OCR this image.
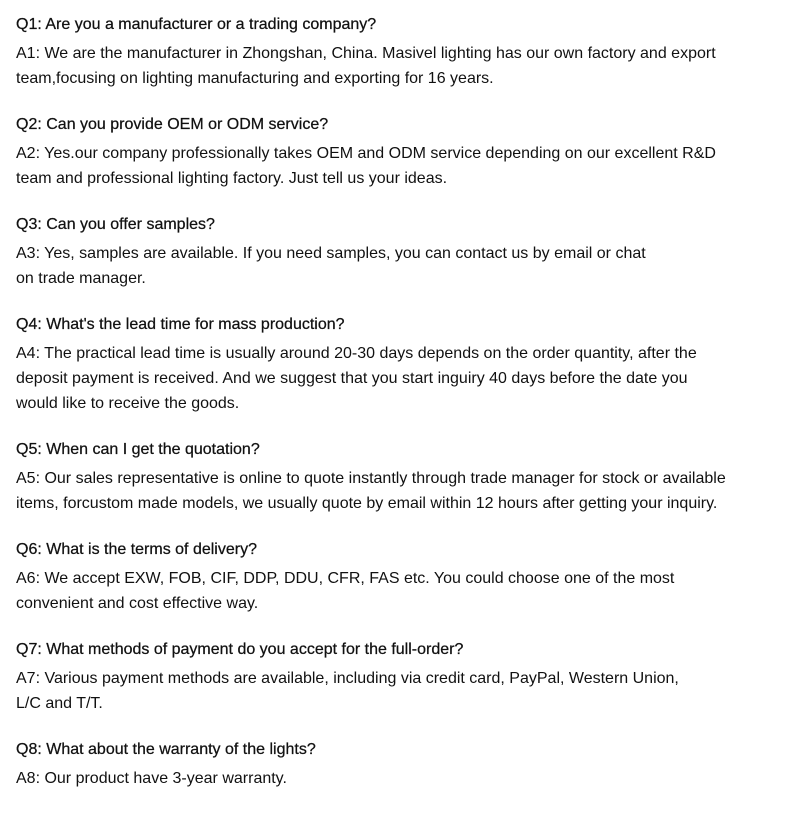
Q1: Are you a manufacturer or a trading company?

A1: We are the manufacturer in Zhongshan, China. Masivel lighting has our own factory and export
team,focusing on lighting manufacturing and exporting for 16 years.

Q2: Can you provide OEM or ODM service?

A2: Yes.our company professionally takes OEM and ODM service depending on our excellent R&D
team and professional lighting factory. Just tell us your ideas.

Q3: Can you offer samples?

A3: Yes, samples are available. If you need samples, you can contact us by email or chat
on trade manager.

Q4: What's the lead time for mass production?

A4: The practical lead time is usually around 20-30 days depends on the order quantity, after the
deposit payment is received. And we suggest that you start inguiry 40 days before the date you
would like to receive the goods.

Q5: When can I get the quotation?

A5: Our sales representative is online to quote instantly through trade manager for stock or available
items, forcustom made models, we usually quote by email within 12 hours after getting your inquiry.

Q6: What is the terms of delivery?

A6: We accept EXW, FOB, CIF, DDP, DDU, CFR, FAS etc. You could choose one of the most
convenient and cost effective way.

Q7: What methods of payment do you accept for the full-order?

A7: Various payment methods are available, including via credit card, PayPal, Western Union,
L/C and T/T.

Q8: What about the warranty of the lights?

A8: Our product have 3-year warranty.
